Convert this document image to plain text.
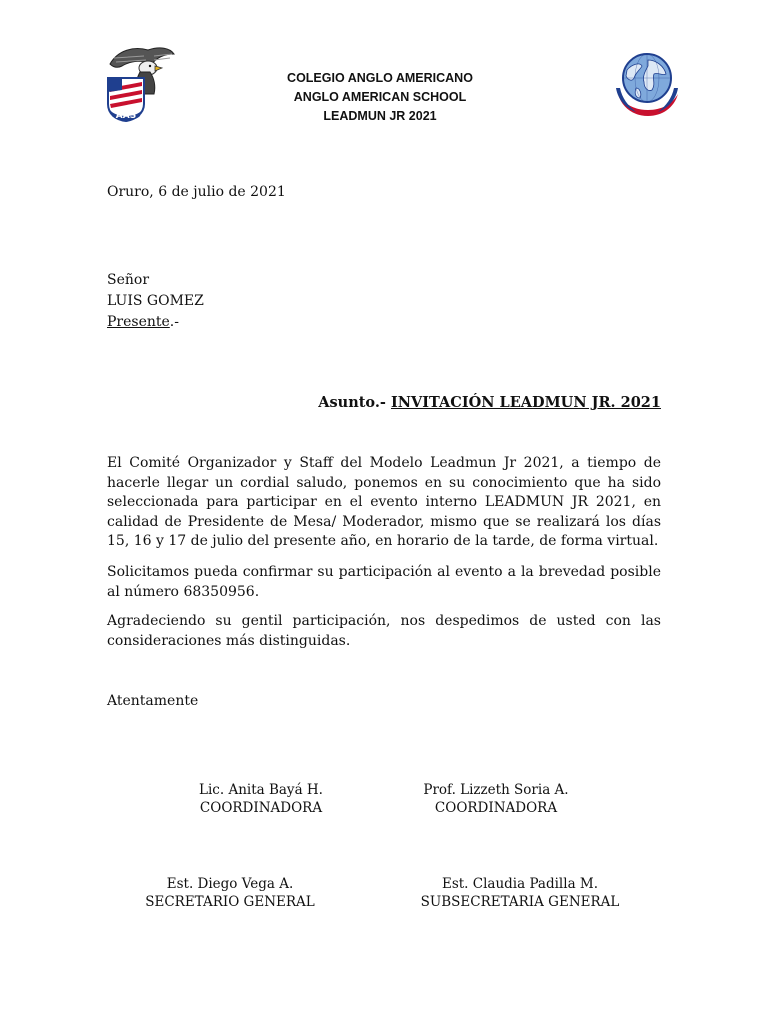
AAS
COLEGIO ANGLO AMERICANO
ANGLO AMERICAN SCHOOL
LEADMUN JR 2021
Oruro, 6 de julio de 2021
Señor
LUIS GOMEZ
Presente.-
Asunto.- INVITACIÓN LEADMUN JR. 2021
El Comité Organizador y Staff del Modelo Leadmun Jr 2021, a tiempo de hacerle llegar un cordial saludo, ponemos en su conocimiento que ha sido seleccionada para participar en el evento interno LEADMUN JR 2021, en calidad de Presidente de Mesa/ Moderador, mismo que se realizará los días 15, 16 y 17 de julio del presente año, en horario de la tarde, de forma virtual.
Solicitamos pueda confirmar su participación al evento a la brevedad posible al número 68350956.
Agradeciendo su gentil participación, nos despedimos de usted con las consideraciones más distinguidas.
Atentamente
Lic. Anita Bayá H.
COORDINADORA
Prof. Lizzeth Soria A.
COORDINADORA
Est. Diego Vega A.
SECRETARIO GENERAL
Est. Claudia Padilla M.
SUBSECRETARIA GENERAL
